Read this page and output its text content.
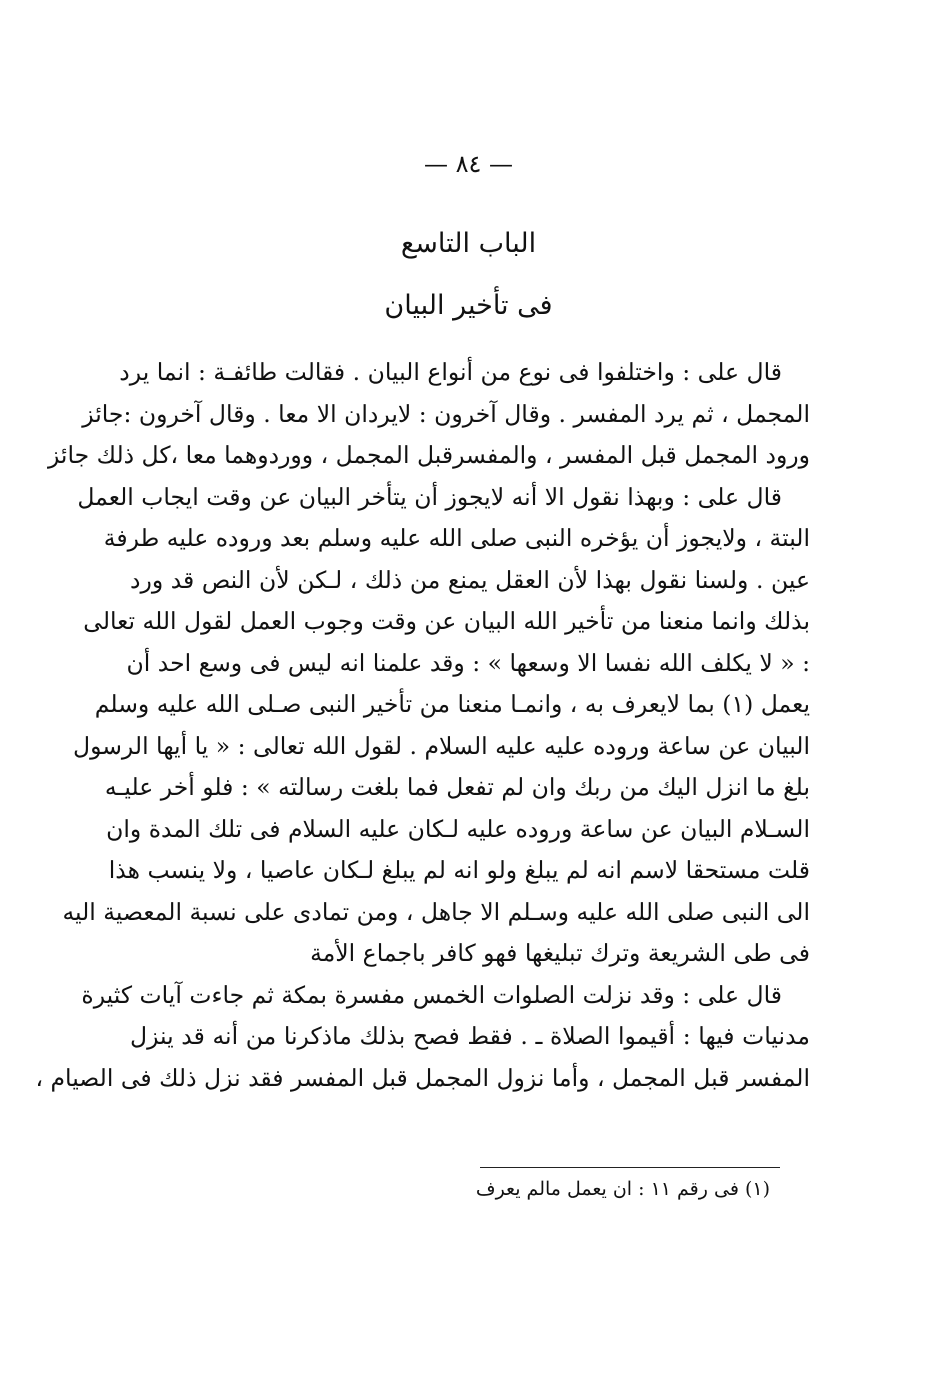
— ٨٤ —
الباب التاسع
فى تأخير البيان
قال على : واختلفوا فى نوع من أنواع البيان . فقالت طائفـة : انما يرد
المجمل ، ثم يرد المفسر . وقال آخرون : لايردان الا معا . وقال آخرون :جائز
ورود المجمل قبل المفسر ، والمفسرقبل المجمل ، ووردوهما معا ،كل ذلك جائز
قال على : وبهذا نقول الا أنه لايجوز أن يتأخر البيان عن وقت ايجاب العمل
البتة ، ولايجوز أن يؤخره النبى صلى الله عليه وسلم بعد وروده عليه طرفة
عين . ولسنا نقول بهذا لأن العقل يمنع من ذلك ، لـكن لأن النص قد ورد
بذلك وانما منعنا من تأخير الله البيان عن وقت وجوب العمل لقول الله تعالى
: « لا يكلف الله نفسا الا وسعها » : وقد علمنا انه ليس فى وسع احد أن
يعمل (١) بما لايعرف به ، وانمـا منعنا من تأخير النبى صـلى الله عليه وسلم
البيان عن ساعة وروده عليه عليه السلام . لقول الله تعالى : « يا أيها الرسول
بلغ ما انزل اليك من ربك وان لم تفعل فما بلغت رسالته » : فلو أخر عليـه
السـلام البيان عن ساعة وروده عليه لـكان عليه السلام فى تلك المدة وان
قلت مستحقا لاسم انه لم يبلغ ولو انه لم يبلغ لـكان عاصيا ، ولا ينسب هذا
الى النبى صلى الله عليه وسـلم الا جاهل ، ومن تمادى على نسبة المعصية اليه
فى طى الشريعة وترك تبليغها فهو كافر باجماع الأمة
قال على : وقد نزلت الصلوات الخمس مفسرة بمكة ثم جاءت آيات كثيرة
مدنيات فيها : أقيموا الصلاة ـ . فقط فصح بذلك ماذكرنا من أنه قد ينزل
المفسر قبل المجمل ، وأما نزول المجمل قبل المفسر فقد نزل ذلك فى الصيام ،
(١) فى رقم ١١ : ان يعمل مالم يعرف
